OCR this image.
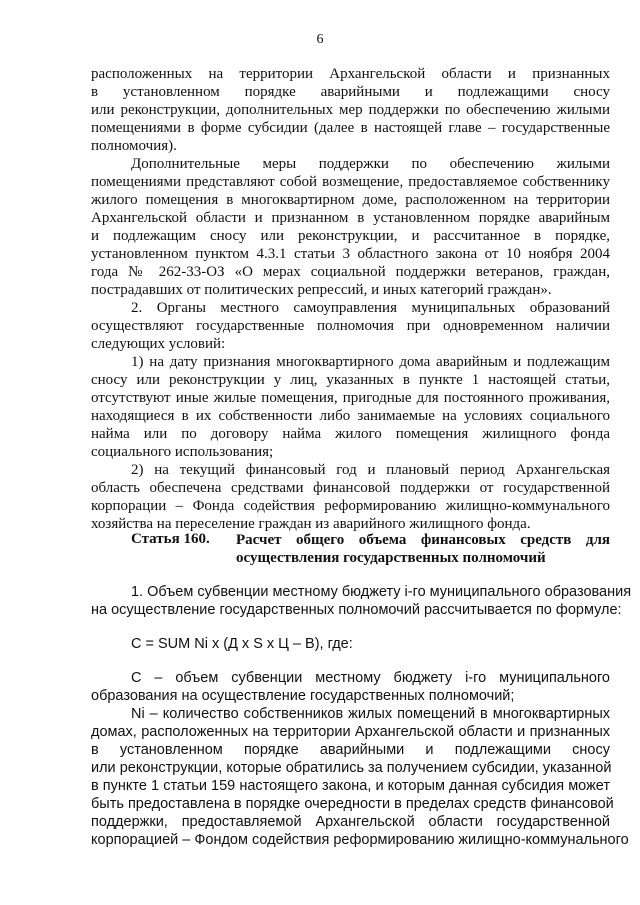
6
расположенных на территории Архангельской области и признанных
в установленном порядке аварийными и подлежащими сносу
или реконструкции, дополнительных мер поддержки по обеспечению жилыми
помещениями в форме субсидии (далее в настоящей главе – государственные
полномочия).
Дополнительные меры поддержки по обеспечению жилыми
помещениями представляют собой возмещение, предоставляемое собственнику
жилого помещения в многоквартирном доме, расположенном на территории
Архангельской области и признанном в установленном порядке аварийным
и подлежащим сносу или реконструкции, и рассчитанное в порядке,
установленном пунктом 4.3.1 статьи 3 областного закона от 10 ноября 2004
года № 262-33-ОЗ «О мерах социальной поддержки ветеранов, граждан,
пострадавших от политических репрессий, и иных категорий граждан».
2. Органы местного самоуправления муниципальных образований
осуществляют государственные полномочия при одновременном наличии
следующих условий:
1) на дату признания многоквартирного дома аварийным и подлежащим
сносу или реконструкции у лиц, указанных в пункте 1 настоящей статьи,
отсутствуют иные жилые помещения, пригодные для постоянного проживания,
находящиеся в их собственности либо занимаемые на условиях социального
найма или по договору найма жилого помещения жилищного фонда
социального использования;
2) на текущий финансовый год и плановый период Архангельская
область обеспечена средствами финансовой поддержки от государственной
корпорации – Фонда содействия реформированию жилищно-коммунального
хозяйства на переселение граждан из аварийного жилищного фонда.
Статья 160. Расчет общего объема финансовых средств для
осуществления государственных полномочий
1. Объем субвенции местному бюджету i-го муниципального образования
на осуществление государственных полномочий рассчитывается по формуле:
С = SUM Ni x (Д x S x Ц – В), где:
С – объем субвенции местному бюджету i-го муниципального
образования на осуществление государственных полномочий;
Ni – количество собственников жилых помещений в многоквартирных
домах, расположенных на территории Архангельской области и признанных
в установленном порядке аварийными и подлежащими сносу
или реконструкции, которые обратились за получением субсидии, указанной
в пункте 1 статьи 159 настоящего закона, и которым данная субсидия может
быть предоставлена в порядке очередности в пределах средств финансовой
поддержки, предоставляемой Архангельской области государственной
корпорацией – Фондом содействия реформированию жилищно-коммунального
